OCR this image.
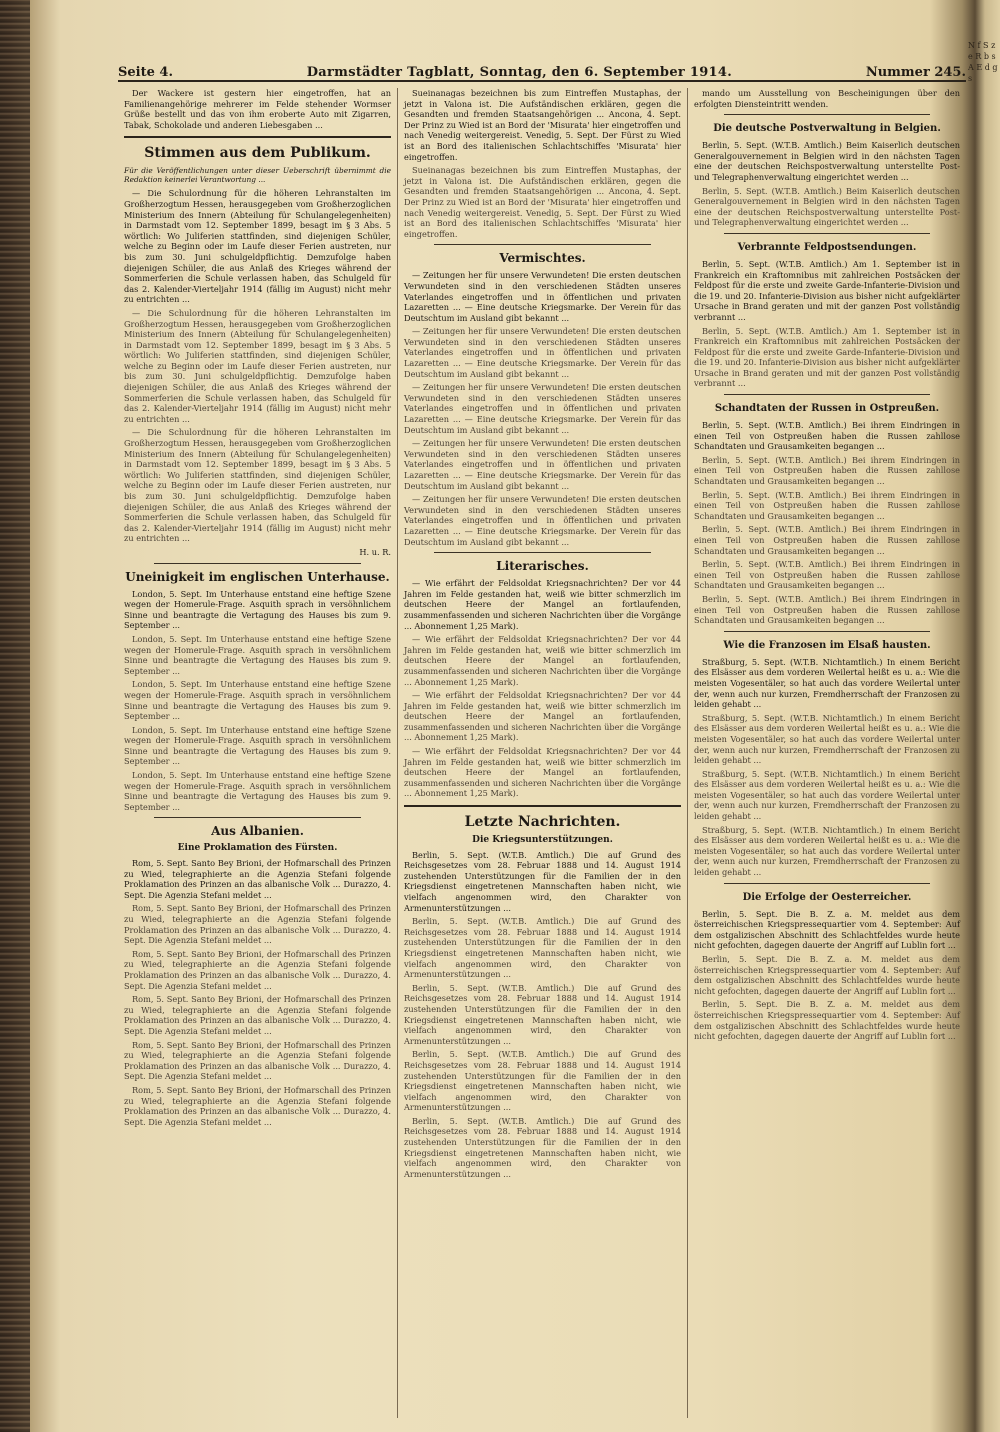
Seite 4.	Darmstädter Tagblatt, Sonntag, den 6. September 1914.	Nummer 245.

Der Wackere ist gestern hier eingetroffen, hat an Familienangehörige mehrerer im Felde stehender Wormser Grüße bestellt und das von ihm eroberte Auto mit Zigarren, Tabak, Schokolade und anderen Liebesgaben ...

Stimmen aus dem Publikum.

Für die Veröffentlichungen unter dieser Ueberschrift übernimmt die Redaktion keinerlei Verantwortung ...

— Die Schulordnung für die höheren Lehranstalten im Großherzogtum Hessen, herausgegeben vom Großherzoglichen Ministerium des Innern (Abteilung für Schulangelegenheiten) in Darmstadt vom 12. September 1899, besagt im § 3 Abs. 5 wörtlich: Wo Juliferien stattfinden, sind diejenigen Schüler, welche zu Beginn oder im Laufe dieser Ferien austreten, nur bis zum 30. Juni schulgeldpflichtig. Demzufolge haben diejenigen Schüler, die aus Anlaß des Krieges während der Sommerferien die Schule verlassen haben, das Schulgeld für das 2. Kalender-Vierteljahr 1914 (fällig im August) nicht mehr zu entrichten ...

— Die Schulordnung für die höheren Lehranstalten im Großherzogtum Hessen, herausgegeben vom Großherzoglichen Ministerium des Innern (Abteilung für Schulangelegenheiten) in Darmstadt vom 12. September 1899, besagt im § 3 Abs. 5 wörtlich: Wo Juliferien stattfinden, sind diejenigen Schüler, welche zu Beginn oder im Laufe dieser Ferien austreten, nur bis zum 30. Juni schulgeldpflichtig. Demzufolge haben diejenigen Schüler, die aus Anlaß des Krieges während der Sommerferien die Schule verlassen haben, das Schulgeld für das 2. Kalender-Vierteljahr 1914 (fällig im August) nicht mehr zu entrichten ...

— Die Schulordnung für die höheren Lehranstalten im Großherzogtum Hessen, herausgegeben vom Großherzoglichen Ministerium des Innern (Abteilung für Schulangelegenheiten) in Darmstadt vom 12. September 1899, besagt im § 3 Abs. 5 wörtlich: Wo Juliferien stattfinden, sind diejenigen Schüler, welche zu Beginn oder im Laufe dieser Ferien austreten, nur bis zum 30. Juni schulgeldpflichtig. Demzufolge haben diejenigen Schüler, die aus Anlaß des Krieges während der Sommerferien die Schule verlassen haben, das Schulgeld für das 2. Kalender-Vierteljahr 1914 (fällig im August) nicht mehr zu entrichten ...

H. u. R.

Uneinigkeit im englischen Unterhause.

London, 5. Sept. Im Unterhause entstand eine heftige Szene wegen der Homerule-Frage. Asquith sprach in versöhnlichem Sinne und beantragte die Vertagung des Hauses bis zum 9. September ...

London, 5. Sept. Im Unterhause entstand eine heftige Szene wegen der Homerule-Frage. Asquith sprach in versöhnlichem Sinne und beantragte die Vertagung des Hauses bis zum 9. September ...

London, 5. Sept. Im Unterhause entstand eine heftige Szene wegen der Homerule-Frage. Asquith sprach in versöhnlichem Sinne und beantragte die Vertagung des Hauses bis zum 9. September ...

London, 5. Sept. Im Unterhause entstand eine heftige Szene wegen der Homerule-Frage. Asquith sprach in versöhnlichem Sinne und beantragte die Vertagung des Hauses bis zum 9. September ...

London, 5. Sept. Im Unterhause entstand eine heftige Szene wegen der Homerule-Frage. Asquith sprach in versöhnlichem Sinne und beantragte die Vertagung des Hauses bis zum 9. September ...

Aus Albanien.
Eine Proklamation des Fürsten.

Rom, 5. Sept. Santo Bey Brioni, der Hofmarschall des Prinzen zu Wied, telegraphierte an die Agenzia Stefani folgende Proklamation des Prinzen an das albanische Volk ... Durazzo, 4. Sept. Die Agenzia Stefani meldet ...

Rom, 5. Sept. Santo Bey Brioni, der Hofmarschall des Prinzen zu Wied, telegraphierte an die Agenzia Stefani folgende Proklamation des Prinzen an das albanische Volk ... Durazzo, 4. Sept. Die Agenzia Stefani meldet ...

Rom, 5. Sept. Santo Bey Brioni, der Hofmarschall des Prinzen zu Wied, telegraphierte an die Agenzia Stefani folgende Proklamation des Prinzen an das albanische Volk ... Durazzo, 4. Sept. Die Agenzia Stefani meldet ...

Rom, 5. Sept. Santo Bey Brioni, der Hofmarschall des Prinzen zu Wied, telegraphierte an die Agenzia Stefani folgende Proklamation des Prinzen an das albanische Volk ... Durazzo, 4. Sept. Die Agenzia Stefani meldet ...

Rom, 5. Sept. Santo Bey Brioni, der Hofmarschall des Prinzen zu Wied, telegraphierte an die Agenzia Stefani folgende Proklamation des Prinzen an das albanische Volk ... Durazzo, 4. Sept. Die Agenzia Stefani meldet ...

Rom, 5. Sept. Santo Bey Brioni, der Hofmarschall des Prinzen zu Wied, telegraphierte an die Agenzia Stefani folgende Proklamation des Prinzen an das albanische Volk ... Durazzo, 4. Sept. Die Agenzia Stefani meldet ...

Sueinanagas bezeichnen bis zum Eintreffen Mustaphas, der jetzt in Valona ist. Die Aufständischen erklären, gegen die Gesandten und fremden Staatsangehörigen ... Ancona, 4. Sept. Der Prinz zu Wied ist an Bord der 'Misurata' hier eingetroffen und nach Venedig weitergereist. Venedig, 5. Sept. Der Fürst zu Wied ist an Bord des italienischen Schlachtschiffes 'Misurata' hier eingetroffen.

Sueinanagas bezeichnen bis zum Eintreffen Mustaphas, der jetzt in Valona ist. Die Aufständischen erklären, gegen die Gesandten und fremden Staatsangehörigen ... Ancona, 4. Sept. Der Prinz zu Wied ist an Bord der 'Misurata' hier eingetroffen und nach Venedig weitergereist. Venedig, 5. Sept. Der Fürst zu Wied ist an Bord des italienischen Schlachtschiffes 'Misurata' hier eingetroffen.

Vermischtes.

— Zeitungen her für unsere Verwundeten! Die ersten deutschen Verwundeten sind in den verschiedenen Städten unseres Vaterlandes eingetroffen und in öffentlichen und privaten Lazaretten ... — Eine deutsche Kriegsmarke. Der Verein für das Deutschtum im Ausland gibt bekannt ...

— Zeitungen her für unsere Verwundeten! Die ersten deutschen Verwundeten sind in den verschiedenen Städten unseres Vaterlandes eingetroffen und in öffentlichen und privaten Lazaretten ... — Eine deutsche Kriegsmarke. Der Verein für das Deutschtum im Ausland gibt bekannt ...

— Zeitungen her für unsere Verwundeten! Die ersten deutschen Verwundeten sind in den verschiedenen Städten unseres Vaterlandes eingetroffen und in öffentlichen und privaten Lazaretten ... — Eine deutsche Kriegsmarke. Der Verein für das Deutschtum im Ausland gibt bekannt ...

— Zeitungen her für unsere Verwundeten! Die ersten deutschen Verwundeten sind in den verschiedenen Städten unseres Vaterlandes eingetroffen und in öffentlichen und privaten Lazaretten ... — Eine deutsche Kriegsmarke. Der Verein für das Deutschtum im Ausland gibt bekannt ...

— Zeitungen her für unsere Verwundeten! Die ersten deutschen Verwundeten sind in den verschiedenen Städten unseres Vaterlandes eingetroffen und in öffentlichen und privaten Lazaretten ... — Eine deutsche Kriegsmarke. Der Verein für das Deutschtum im Ausland gibt bekannt ...

Literarisches.

— Wie erfährt der Feldsoldat Kriegsnachrichten? Der vor 44 Jahren im Felde gestanden hat, weiß wie bitter schmerzlich im deutschen Heere der Mangel an fortlaufenden, zusammenfassenden und sicheren Nachrichten über die Vorgänge ... Abonnement 1,25 Mark).

— Wie erfährt der Feldsoldat Kriegsnachrichten? Der vor 44 Jahren im Felde gestanden hat, weiß wie bitter schmerzlich im deutschen Heere der Mangel an fortlaufenden, zusammenfassenden und sicheren Nachrichten über die Vorgänge ... Abonnement 1,25 Mark).

— Wie erfährt der Feldsoldat Kriegsnachrichten? Der vor 44 Jahren im Felde gestanden hat, weiß wie bitter schmerzlich im deutschen Heere der Mangel an fortlaufenden, zusammenfassenden und sicheren Nachrichten über die Vorgänge ... Abonnement 1,25 Mark).

— Wie erfährt der Feldsoldat Kriegsnachrichten? Der vor 44 Jahren im Felde gestanden hat, weiß wie bitter schmerzlich im deutschen Heere der Mangel an fortlaufenden, zusammenfassenden und sicheren Nachrichten über die Vorgänge ... Abonnement 1,25 Mark).

Letzte Nachrichten.
Die Kriegsunterstützungen.

Berlin, 5. Sept. (W.T.B. Amtlich.) Die auf Grund des Reichsgesetzes vom 28. Februar 1888 und 14. August 1914 zustehenden Unterstützungen für die Familien der in den Kriegsdienst eingetretenen Mannschaften haben nicht, wie vielfach angenommen wird, den Charakter von Armenunterstützungen ...

Berlin, 5. Sept. (W.T.B. Amtlich.) Die auf Grund des Reichsgesetzes vom 28. Februar 1888 und 14. August 1914 zustehenden Unterstützungen für die Familien der in den Kriegsdienst eingetretenen Mannschaften haben nicht, wie vielfach angenommen wird, den Charakter von Armenunterstützungen ...

Berlin, 5. Sept. (W.T.B. Amtlich.) Die auf Grund des Reichsgesetzes vom 28. Februar 1888 und 14. August 1914 zustehenden Unterstützungen für die Familien der in den Kriegsdienst eingetretenen Mannschaften haben nicht, wie vielfach angenommen wird, den Charakter von Armenunterstützungen ...

Berlin, 5. Sept. (W.T.B. Amtlich.) Die auf Grund des Reichsgesetzes vom 28. Februar 1888 und 14. August 1914 zustehenden Unterstützungen für die Familien der in den Kriegsdienst eingetretenen Mannschaften haben nicht, wie vielfach angenommen wird, den Charakter von Armenunterstützungen ...

Berlin, 5. Sept. (W.T.B. Amtlich.) Die auf Grund des Reichsgesetzes vom 28. Februar 1888 und 14. August 1914 zustehenden Unterstützungen für die Familien der in den Kriegsdienst eingetretenen Mannschaften haben nicht, wie vielfach angenommen wird, den Charakter von Armenunterstützungen ...

mando um Ausstellung von Bescheinigungen über den erfolgten Diensteintritt wenden.

Die deutsche Postverwaltung in Belgien.

Berlin, 5. Sept. (W.T.B. Amtlich.) Beim Kaiserlich deutschen Generalgouvernement in Belgien wird in den nächsten Tagen eine der deutschen Reichspostverwaltung unterstellte Post- und Telegraphenverwaltung eingerichtet werden ...

Berlin, 5. Sept. (W.T.B. Amtlich.) Beim Kaiserlich deutschen Generalgouvernement in Belgien wird in den nächsten Tagen eine der deutschen Reichspostverwaltung unterstellte Post- und Telegraphenverwaltung eingerichtet werden ...

Verbrannte Feldpostsendungen.

Berlin, 5. Sept. (W.T.B. Amtlich.) Am 1. September ist in Frankreich ein Kraftomnibus mit zahlreichen Postsäcken der Feldpost für die erste und zweite Garde-Infanterie-Division und die 19. und 20. Infanterie-Division aus bisher nicht aufgeklärter Ursache in Brand geraten und mit der ganzen Post vollständig verbrannt ...

Berlin, 5. Sept. (W.T.B. Amtlich.) Am 1. September ist in Frankreich ein Kraftomnibus mit zahlreichen Postsäcken der Feldpost für die erste und zweite Garde-Infanterie-Division und die 19. und 20. Infanterie-Division aus bisher nicht aufgeklärter Ursache in Brand geraten und mit der ganzen Post vollständig verbrannt ...

Schandtaten der Russen in Ostpreußen.

Berlin, 5. Sept. (W.T.B. Amtlich.) Bei ihrem Eindringen in einen Teil von Ostpreußen haben die Russen zahllose Schandtaten und Grausamkeiten begangen ...

Berlin, 5. Sept. (W.T.B. Amtlich.) Bei ihrem Eindringen in einen Teil von Ostpreußen haben die Russen zahllose Schandtaten und Grausamkeiten begangen ...

Berlin, 5. Sept. (W.T.B. Amtlich.) Bei ihrem Eindringen in einen Teil von Ostpreußen haben die Russen zahllose Schandtaten und Grausamkeiten begangen ...

Berlin, 5. Sept. (W.T.B. Amtlich.) Bei ihrem Eindringen in einen Teil von Ostpreußen haben die Russen zahllose Schandtaten und Grausamkeiten begangen ...

Berlin, 5. Sept. (W.T.B. Amtlich.) Bei ihrem Eindringen in einen Teil von Ostpreußen haben die Russen zahllose Schandtaten und Grausamkeiten begangen ...

Berlin, 5. Sept. (W.T.B. Amtlich.) Bei ihrem Eindringen in einen Teil von Ostpreußen haben die Russen zahllose Schandtaten und Grausamkeiten begangen ...

Wie die Franzosen im Elsaß hausten.

Straßburg, 5. Sept. (W.T.B. Nichtamtlich.) In einem Bericht des Elsässer aus dem vorderen Weilertal heißt es u. a.: Wie die meisten Vogesentäler, so hat auch das vordere Weilertal unter der, wenn auch nur kurzen, Fremdherrschaft der Franzosen zu leiden gehabt ...

Straßburg, 5. Sept. (W.T.B. Nichtamtlich.) In einem Bericht des Elsässer aus dem vorderen Weilertal heißt es u. a.: Wie die meisten Vogesentäler, so hat auch das vordere Weilertal unter der, wenn auch nur kurzen, Fremdherrschaft der Franzosen zu leiden gehabt ...

Straßburg, 5. Sept. (W.T.B. Nichtamtlich.) In einem Bericht des Elsässer aus dem vorderen Weilertal heißt es u. a.: Wie die meisten Vogesentäler, so hat auch das vordere Weilertal unter der, wenn auch nur kurzen, Fremdherrschaft der Franzosen zu leiden gehabt ...

Straßburg, 5. Sept. (W.T.B. Nichtamtlich.) In einem Bericht des Elsässer aus dem vorderen Weilertal heißt es u. a.: Wie die meisten Vogesentäler, so hat auch das vordere Weilertal unter der, wenn auch nur kurzen, Fremdherrschaft der Franzosen zu leiden gehabt ...

Die Erfolge der Oesterreicher.

Berlin, 5. Sept. Die B. Z. a. M. meldet aus dem österreichischen Kriegspressequartier vom 4. September: Auf dem ostgalizischen Abschnitt des Schlachtfeldes wurde heute nicht gefochten, dagegen dauerte der Angriff auf Lublin fort ...

Berlin, 5. Sept. Die B. Z. a. M. meldet aus dem österreichischen Kriegspressequartier vom 4. September: Auf dem ostgalizischen Abschnitt des Schlachtfeldes wurde heute nicht gefochten, dagegen dauerte der Angriff auf Lublin fort ...

Berlin, 5. Sept. Die B. Z. a. M. meldet aus dem österreichischen Kriegspressequartier vom 4. September: Auf dem ostgalizischen Abschnitt des Schlachtfeldes wurde heute nicht gefochten, dagegen dauerte der Angriff auf Lublin fort ...

N f S z e R b s A E d g s
